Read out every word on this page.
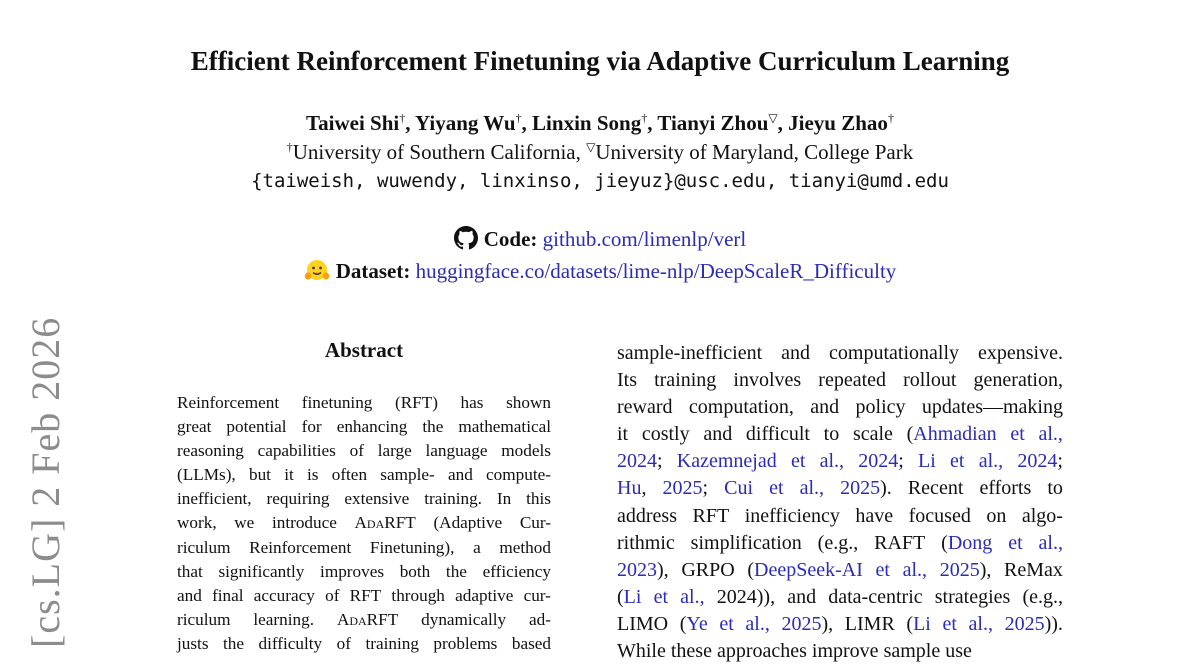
Efficient Reinforcement Finetuning via Adaptive Curriculum Learning
Taiwei Shi†, Yiyang Wu†, Linxin Song†, Tianyi Zhou▽, Jieyu Zhao†
†University of Southern California, ▽University of Maryland, College Park
{taiweish, wuwendy, linxinso, jieyuz}@usc.edu, tianyi@umd.edu
Code: github.com/limenlp/verl
Dataset: huggingface.co/datasets/lime-nlp/DeepScaleR_Difficulty
[cs.LG] 2 Feb 2026	Abstract
Reinforcement finetuning (RFT) has shown
great potential for enhancing the mathematical
reasoning capabilities of large language models
(LLMs), but it is often sample- and compute-
inefficient, requiring extensive training. In this
work, we introduce AdaRFT (Adaptive Cur-
riculum Reinforcement Finetuning), a method
that significantly improves both the efficiency
and final accuracy of RFT through adaptive cur-
riculum learning. AdaRFT dynamically ad-
justs the difficulty of training problems based
sample-inefficient and computationally expensive.
Its training involves repeated rollout generation,
reward computation, and policy updates—making
it costly and difficult to scale (Ahmadian et al.,
2024; Kazemnejad et al., 2024; Li et al., 2024;
Hu, 2025; Cui et al., 2025). Recent efforts to
address RFT inefficiency have focused on algo-
rithmic simplification (e.g., RAFT (Dong et al.,
2023), GRPO (DeepSeek-AI et al., 2025), ReMax
(Li et al., 2024)), and data-centric strategies (e.g.,
LIMO (Ye et al., 2025), LIMR (Li et al., 2025)).
While these approaches improve sample use
